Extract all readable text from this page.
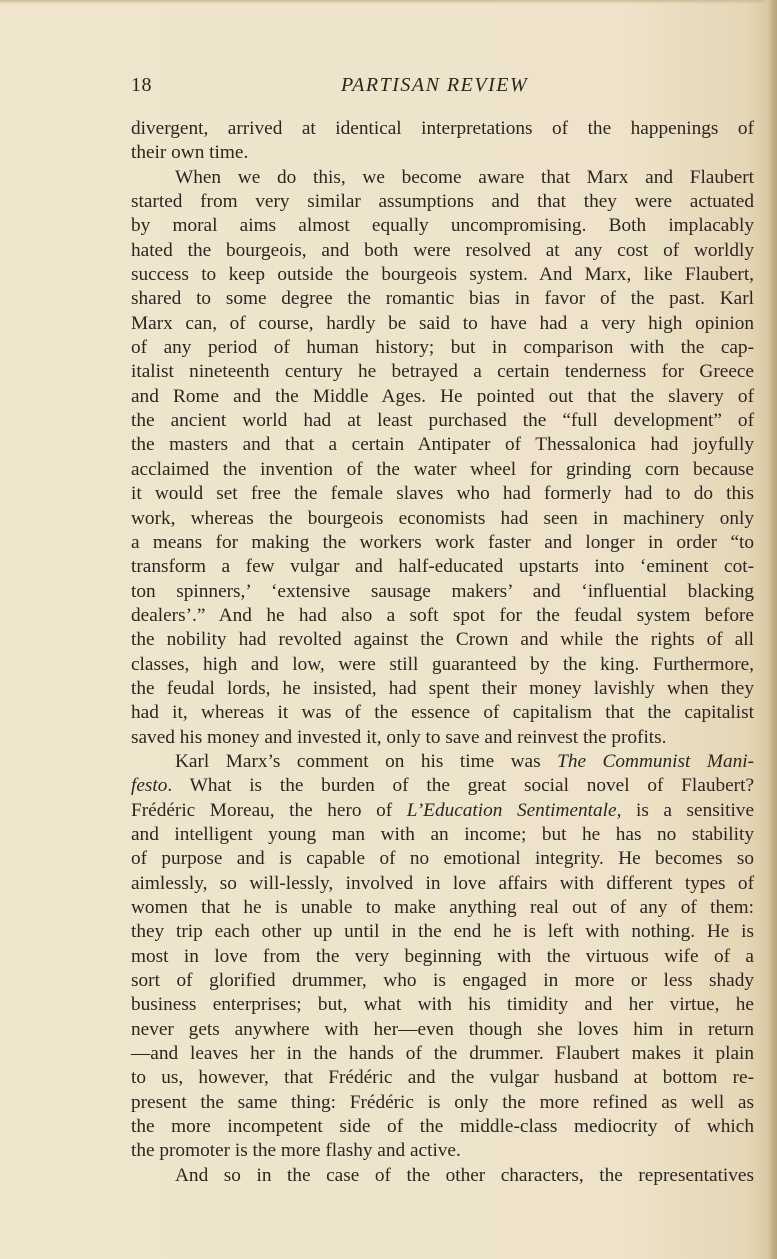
18	PARTISAN REVIEW
divergent, arrived at identical interpretations of the happenings of
their own time.
When we do this, we become aware that Marx and Flaubert
started from very similar assumptions and that they were actuated
by moral aims almost equally uncompromising. Both implacably
hated the bourgeois, and both were resolved at any cost of worldly
success to keep outside the bourgeois system. And Marx, like Flaubert,
shared to some degree the romantic bias in favor of the past. Karl
Marx can, of course, hardly be said to have had a very high opinion
of any period of human history; but in comparison with the cap-
italist nineteenth century he betrayed a certain tenderness for Greece
and Rome and the Middle Ages. He pointed out that the slavery of
the ancient world had at least purchased the “full development” of
the masters and that a certain Antipater of Thessalonica had joyfully
acclaimed the invention of the water wheel for grinding corn because
it would set free the female slaves who had formerly had to do this
work, whereas the bourgeois economists had seen in machinery only
a means for making the workers work faster and longer in order “to
transform a few vulgar and half-educated upstarts into ‘eminent cot-
ton spinners,’ ‘extensive sausage makers’ and ‘influential blacking
dealers’.” And he had also a soft spot for the feudal system before
the nobility had revolted against the Crown and while the rights of all
classes, high and low, were still guaranteed by the king. Furthermore,
the feudal lords, he insisted, had spent their money lavishly when they
had it, whereas it was of the essence of capitalism that the capitalist
saved his money and invested it, only to save and reinvest the profits.
Karl Marx’s comment on his time was The Communist Mani-
festo. What is the burden of the great social novel of Flaubert?
Frédéric Moreau, the hero of L’Education Sentimentale, is a sensitive
and intelligent young man with an income; but he has no stability
of purpose and is capable of no emotional integrity. He becomes so
aimlessly, so will-lessly, involved in love affairs with different types of
women that he is unable to make anything real out of any of them:
they trip each other up until in the end he is left with nothing. He is
most in love from the very beginning with the virtuous wife of a
sort of glorified drummer, who is engaged in more or less shady
business enterprises; but, what with his timidity and her virtue, he
never gets anywhere with her—even though she loves him in return
—and leaves her in the hands of the drummer. Flaubert makes it plain
to us, however, that Frédéric and the vulgar husband at bottom re-
present the same thing: Frédéric is only the more refined as well as
the more incompetent side of the middle-class mediocrity of which
the promoter is the more flashy and active.
And so in the case of the other characters, the representatives
